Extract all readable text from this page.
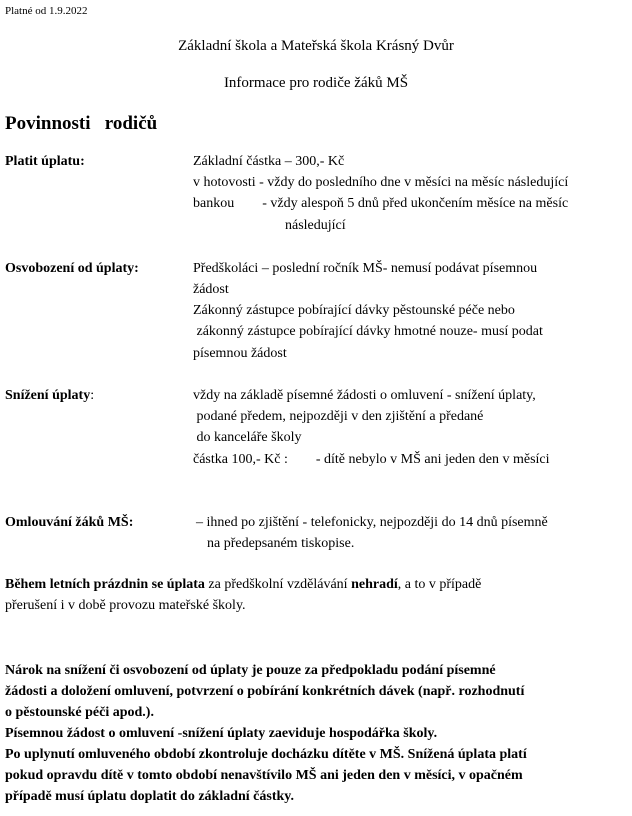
Platné od 1.9.2022
Základní škola a Mateřská škola Krásný Dvůr
Informace pro rodiče žáků MŠ
Povinnosti   rodičů
Platit úplatu:	Základní částka – 300,- Kč
v hotovosti - vždy do posledního dne v měsíci na měsíc následující
bankou        - vždy alespoň 5 dnů před ukončením měsíce na měsíc
následující
Osvobození od úplaty:	Předškoláci – poslední ročník MŠ- nemusí podávat písemnou
žádost
Zákonný zástupce pobírající dávky pěstounské péče nebo
zákonný zástupce pobírající dávky hmotné nouze- musí podat
písemnou žádost
Snížení úplaty:	vždy na základě písemné žádosti o omluvení - snížení úplaty,
podané předem, nejpozději v den zjištění a předané
do kanceláře školy
částka 100,- Kč :        - dítě nebylo v MŠ ani jeden den v měsíci
Omlouvání žáků MŠ:	– ihned po zjištění - telefonicky, nejpozději do 14 dnů písemně
na předepsaném tiskopise.
Během letních prázdnin se úplata za předškolní vzdělávání nehradí, a to v případě
přerušení i v době provozu mateřské školy.
Nárok na snížení či osvobození od úplaty je pouze za předpokladu podání písemné
žádosti a doložení omluvení, potvrzení o pobírání konkrétních dávek (např. rozhodnutí
o pěstounské péči apod.).
Písemnou žádost o omluvení -snížení úplaty zaeviduje hospodářka školy.
Po uplynutí omluveného období zkontroluje docházku dítěte v MŠ. Snížená úplata platí
pokud opravdu dítě v tomto období nenavštívilo MŠ ani jeden den v měsíci, v opačném
případě musí úplatu doplatit do základní částky.
